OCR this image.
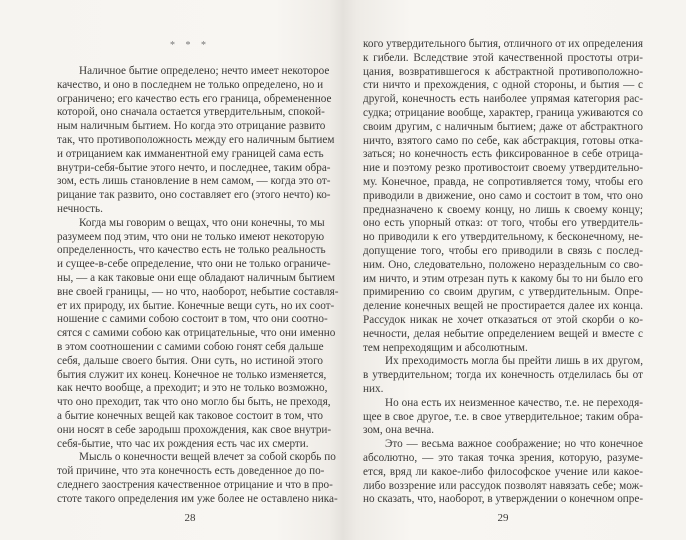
* * *
Наличное бытие определено; нечто имеет некоторое
качество, и оно в последнем не только определено, но и
ограничено; его качество есть его граница, обремененное
которой, оно сначала остается утвердительным, спокой-
ным наличным бытием. Но когда это отрицание развито
так, что противоположность между его наличным бытием
и отрицанием как имманентной ему границей сама есть
внутри-себя-бытие этого нечто, и последнее, таким обра-
зом, есть лишь становление в нем самом, — когда это от-
рицание так развито, оно составляет его (этого нечто) ко-
нечность.
Когда мы говорим о вещах, что они конечны, то мы
разумеем под этим, что они не только имеют некоторую
определенность, что качество есть не только реальность
и сущее-в-себе определение, что они не только ограниче-
ны, — а как таковые они еще обладают наличным бытием
вне своей границы, — но что, наоборот, небытие составля-
ет их природу, их бытие. Конечные вещи суть, но их соот-
ношение с самими собою состоит в том, что они соотно-
сятся с самими собою как отрицательные, что они именно
в этом соотношении с самими собою гонят себя дальше
себя, дальше своего бытия. Они суть, но истиной этого
бытия служит их конец. Конечное не только изменяется,
как нечто вообще, а преходит; и это не только возможно,
что оно преходит, так что оно могло бы быть, не преходя,
а бытие конечных вещей как таковое состоит в том, что
они носят в себе зародыш прохождения, как свое внутри-
себя-бытие, что час их рождения есть час их смерти.
Мысль о конечности вещей влечет за собой скорбь по
той причине, что эта конечность есть доведенное до по-
следнего заострения качественное отрицание и что в про-
стоте такого определения им уже более не оставлено ника-
28
кого утвердительного бытия, отличного от их определения
к гибели. Вследствие этой качественной простоты отри-
цания, возвратившегося к абстрактной противоположно-
сти ничто и прехождения, с одной стороны, и бытия — с
другой, конечность есть наиболее упрямая категория рас-
судка; отрицание вообще, характер, граница уживаются со
своим другим, с наличным бытием; даже от абстрактного
ничто, взятого само по себе, как абстракция, готовы отка-
заться; но конечность есть фиксированное в себе отрица-
ние и поэтому резко противостоит своему утвердительно-
му. Конечное, правда, не сопротивляется тому, чтобы его
приводили в движение, оно само и состоит в том, что оно
предназначено к своему концу, но лишь к своему концу;
оно есть упорный отказ: от того, чтобы его утвердитель-
но приводили к его утвердительному, к бесконечному, не-
допущение того, чтобы его приводили в связь с послед-
ним. Оно, следовательно, положено нераздельным со сво-
им ничто, и этим отрезан путь к какому бы то ни было его
примирению со своим другим, с утвердительным. Опре-
деление конечных вещей не простирается далее их конца.
Рассудок никак не хочет отказаться от этой скорби о ко-
нечности, делая небытие определением вещей и вместе с
тем непреходящим и абсолютным.
Их преходимость могла бы прейти лишь в их другом,
в утвердительном; тогда их конечность отделилась бы от
них.
Но она есть их неизменное качество, т.е. не переходя-
щее в свое другое, т.е. в свое утвердительное; таким обра-
зом, она вечна.
Это — весьма важное соображение; но что конечное
абсолютно, — это такая точка зрения, которую, разуме-
ется, вряд ли какое-либо философское учение или какое-
либо воззрение или рассудок позволят навязать себе; мож-
но сказать, что, наоборот, в утверждении о конечном опре-
29
